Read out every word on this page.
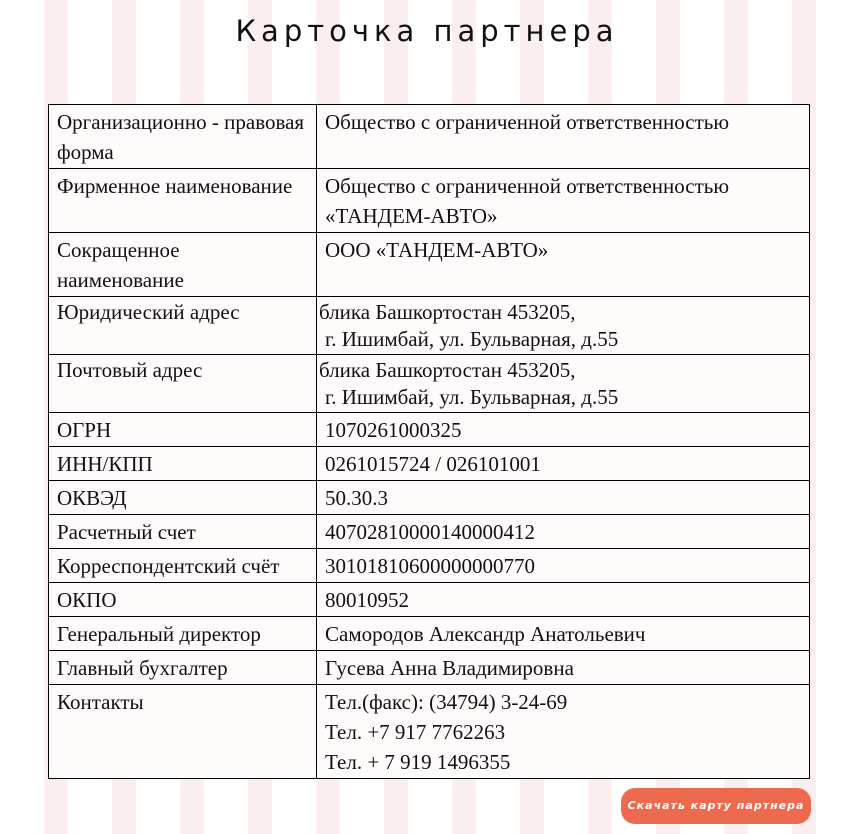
Карточка партнера
Организационно - правовая форма	Общество с ограниченной ответственностью

Фирменное наименование	Общество с ограниченной ответственностью
«ТАНДЕМ-АВТО»

Сокращенное наименование	ООО «ТАНДЕМ-АВТО»

Юридический адрес	блика Башкортостан 453205,
г. Ишимбай, ул. Бульварная, д.55

Почтовый адрес	блика Башкортостан 453205,
г. Ишимбай, ул. Бульварная, д.55

ОГРН	1070261000325

ИНН/КПП	0261015724 / 026101001

ОКВЭД	50.30.3

Расчетный счет	40702810000140000412

Корреспондентский счёт	30101810600000000770

ОКПО	80010952

Генеральный директор	Самородов Александр Анатольевич

Главный бухгалтер	Гусева Анна Владимировна

Контакты	Тел.(факс): (34794) 3-24-69
Тел. +7 917 7762263
Тел. + 7 919 1496355
Скачать карту партнера
